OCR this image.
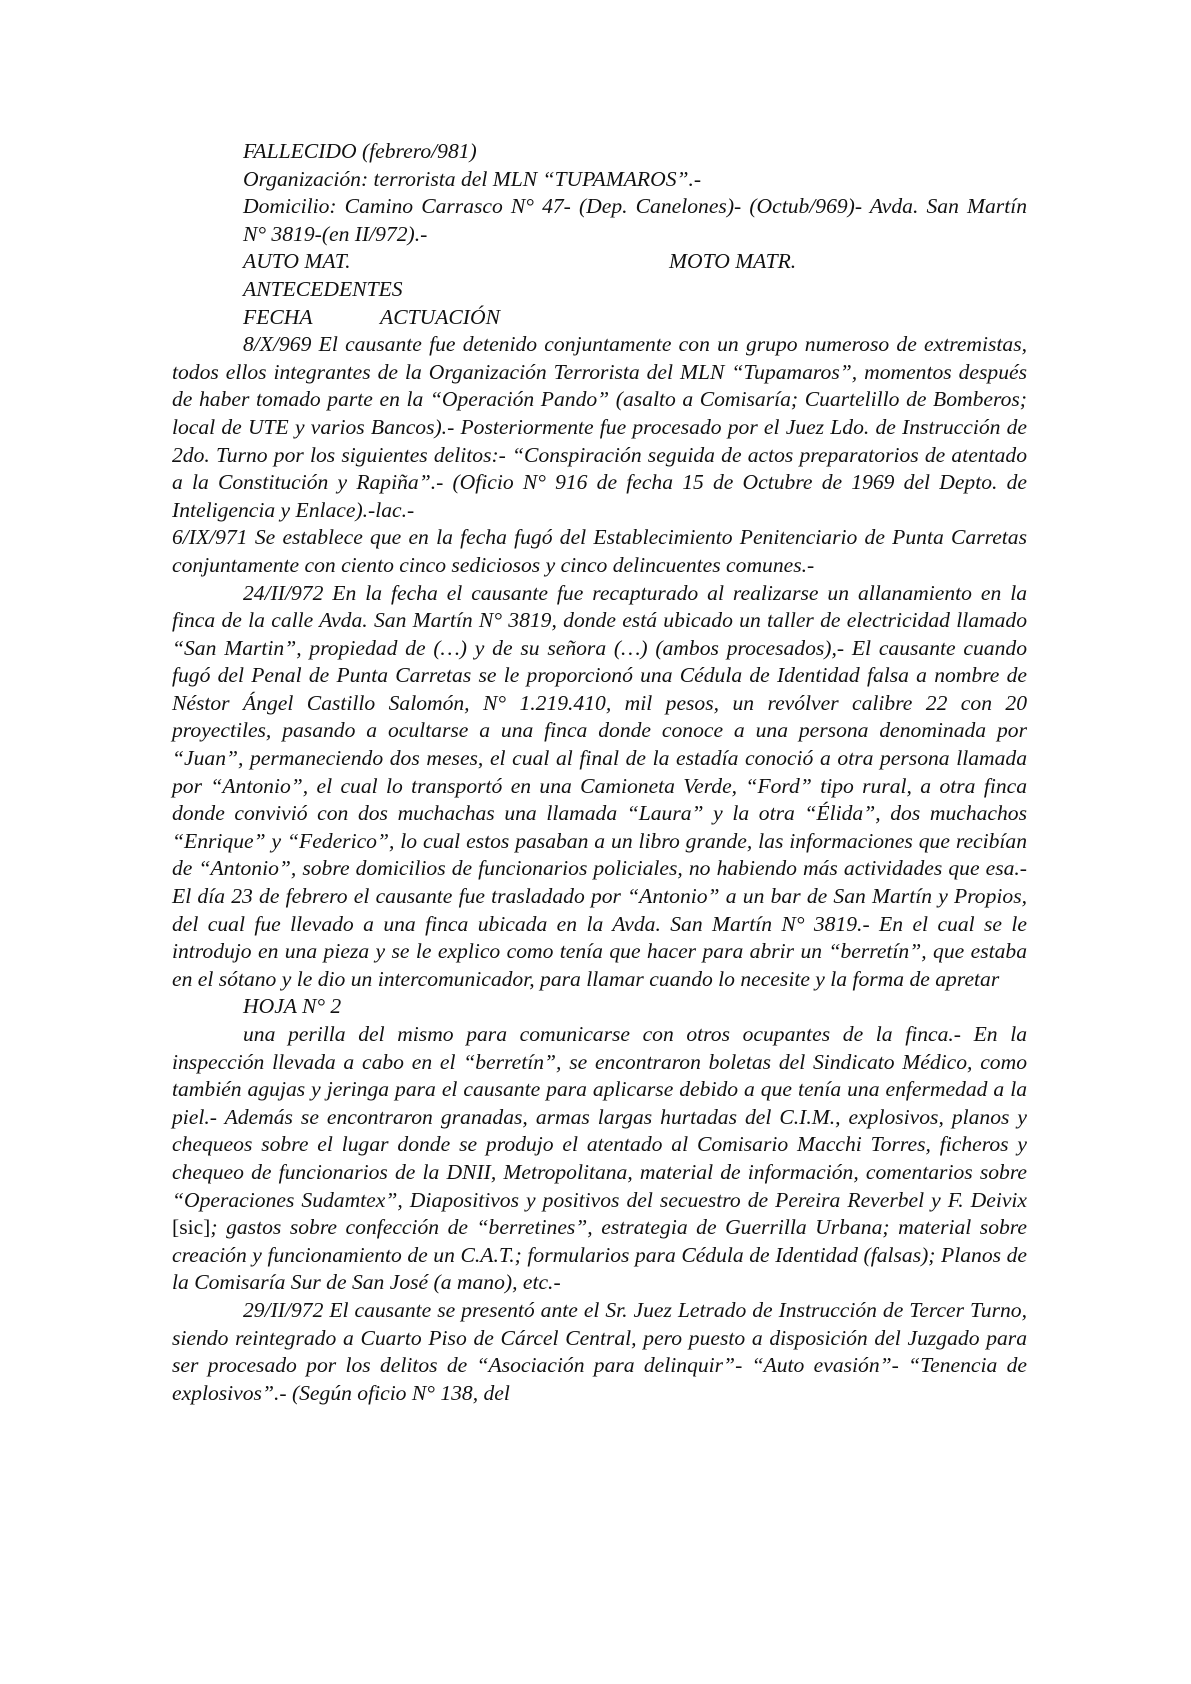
FALLECIDO (febrero/981)
Organización: terrorista del MLN “TUPAMAROS”.-
Domicilio: Camino Carrasco N° 47- (Dep. Canelones)- (Octub/969)- Avda. San Martín N° 3819-(en II/972).-
AUTO MAT.	MOTO MATR.
ANTECEDENTES
FECHA	ACTUACIÓN

8/X/969 El causante fue detenido conjuntamente con un grupo numeroso de extremistas, todos ellos integrantes de la Organización Terrorista del MLN “Tupamaros”, momentos después de haber tomado parte en la “Operación Pando” (asalto a Comisaría; Cuartelillo de Bomberos; local de UTE y varios Bancos).- Posteriormente fue procesado por el Juez Ldo. de Instrucción de 2do. Turno por los siguientes delitos:- “Conspiración seguida de actos preparatorios de atentado a la Constitución y Rapiña”.- (Oficio N° 916 de fecha 15 de Octubre de 1969 del Depto. de Inteligencia y Enlace).-lac.-

6/IX/971 Se establece que en la fecha fugó del Establecimiento Penitenciario de Punta Carretas conjuntamente con ciento cinco sediciosos y cinco delincuentes comunes.-

24/II/972 En la fecha el causante fue recapturado al realizarse un allanamiento en la finca de la calle Avda. San Martín N° 3819, donde está ubicado un taller de electricidad llamado “San Martin”, propiedad de (…) y de su señora (…) (ambos procesados),- El causante cuando fugó del Penal de Punta Carretas se le proporcionó una Cédula de Identidad falsa a nombre de Néstor Ángel Castillo Salomón, N° 1.219.410, mil pesos, un revólver calibre 22 con 20 proyectiles, pasando a ocultarse a una finca donde conoce a una persona denominada por “Juan”, permaneciendo dos meses, el cual al final de la estadía conoció a otra persona llamada por “Antonio”, el cual lo transportó en una Camioneta Verde, “Ford” tipo rural, a otra finca donde convivió con dos muchachas una llamada “Laura” y la otra “Élida”, dos muchachos “Enrique” y “Federico”, lo cual estos pasaban a un libro grande, las informaciones que recibían de “Antonio”, sobre domicilios de funcionarios policiales, no habiendo más actividades que esa.- El día 23 de febrero el causante fue trasladado por “Antonio” a un bar de San Martín y Propios, del cual fue llevado a una finca ubicada en la Avda. San Martín N° 3819.- En el cual se le introdujo en una pieza y se le explico como tenía que hacer para abrir un “berretín”, que estaba en el sótano y le dio un intercomunicador, para llamar cuando lo necesite y la forma de apretar

HOJA N° 2

una perilla del mismo para comunicarse con otros ocupantes de la finca.- En la inspección llevada a cabo en el “berretín”, se encontraron boletas del Sindicato Médico, como también agujas y jeringa para el causante para aplicarse debido a que tenía una enfermedad a la piel.- Además se encontraron granadas, armas largas hurtadas del C.I.M., explosivos, planos y chequeos sobre el lugar donde se produjo el atentado al Comisario Macchi Torres, ficheros y chequeo de funcionarios de la DNII, Metropolitana, material de información, comentarios sobre “Operaciones Sudamtex”, Diapositivos y positivos del secuestro de Pereira Reverbel y F. Deivix [sic]; gastos sobre confección de “berretines”, estrategia de Guerrilla Urbana; material sobre creación y funcionamiento de un C.A.T.; formularios para Cédula de Identidad (falsas); Planos de la Comisaría Sur de San José (a mano), etc.-

29/II/972 El causante se presentó ante el Sr. Juez Letrado de Instrucción de Tercer Turno, siendo reintegrado a Cuarto Piso de Cárcel Central, pero puesto a disposición del Juzgado para ser procesado por los delitos de “Asociación para delinquir”- “Auto evasión”- “Tenencia de explosivos”.- (Según oficio N° 138, del
